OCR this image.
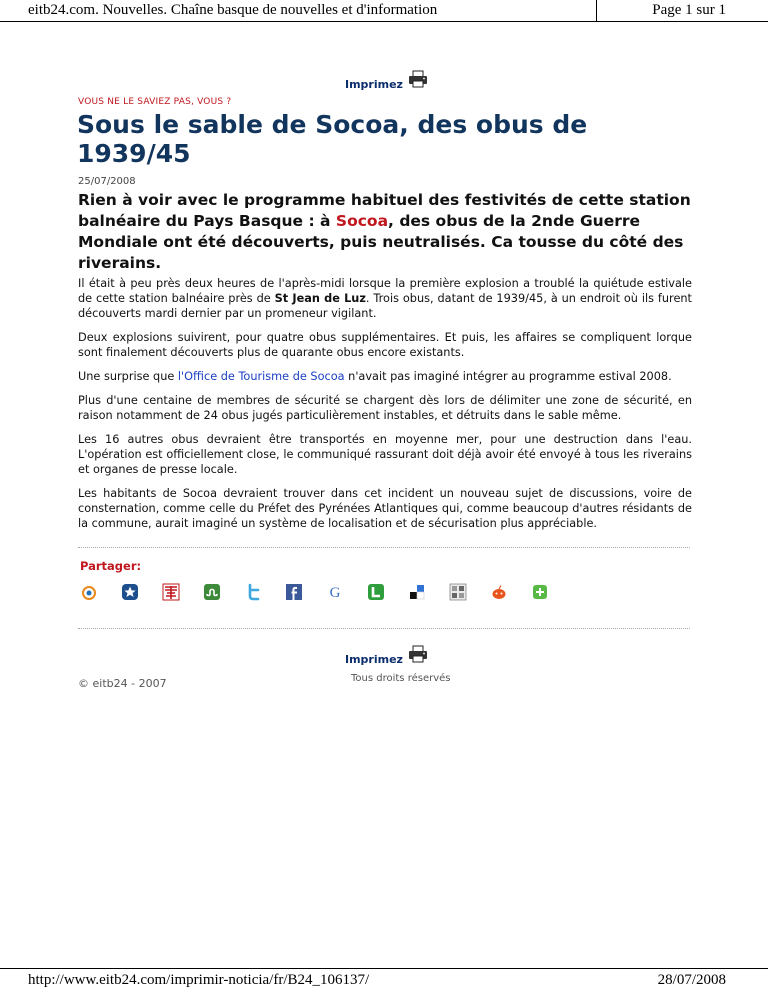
eitb24.com. Nouvelles. Chaîne basque de nouvelles et d'information	Page 1 sur 1
Imprimez
VOUS NE LE SAVIEZ PAS, VOUS ?
Sous le sable de Socoa, des obus de 1939/45
25/07/2008

Rien à voir avec le programme habituel des festivités de cette station balnéaire du Pays Basque : à Socoa, des obus de la 2nde Guerre Mondiale ont été découverts, puis neutralisés. Ca tousse du côté des riverains.

Il était à peu près deux heures de l'après-midi lorsque la première explosion a troublé la quiétude estivale de cette station balnéaire près de St Jean de Luz. Trois obus, datant de 1939/45, à un endroit où ils furent découverts mardi dernier par un promeneur vigilant.

Deux explosions suivirent, pour quatre obus supplémentaires. Et puis, les affaires se compliquent lorque sont finalement découverts plus de quarante obus encore existants.

Une surprise que l'Office de Tourisme de Socoa n'avait pas imaginé intégrer au programme estival 2008.

Plus d'une centaine de membres de sécurité se chargent dès lors de délimiter une zone de sécurité, en raison notamment de 24 obus jugés particulièrement instables, et détruits dans le sable même.

Les 16 autres obus devraient être transportés en moyenne mer, pour une destruction dans l'eau. L'opération est officiellement close, le communiqué rassurant doit déjà avoir été envoyé à tous les riverains et organes de presse locale.

Les habitants de Socoa devraient trouver dans cet incident un nouveau sujet de discussions, voire de consternation, comme celle du Préfet des Pyrénées Atlantiques qui, comme beaucoup d'autres résidants de la commune, aurait imaginé un système de localisation et de sécurisation plus appréciable.

Partager:
G
Imprimez
© eitb24 - 2007	Tous droits réservés
http://www.eitb24.com/imprimir-noticia/fr/B24_106137/	28/07/2008
